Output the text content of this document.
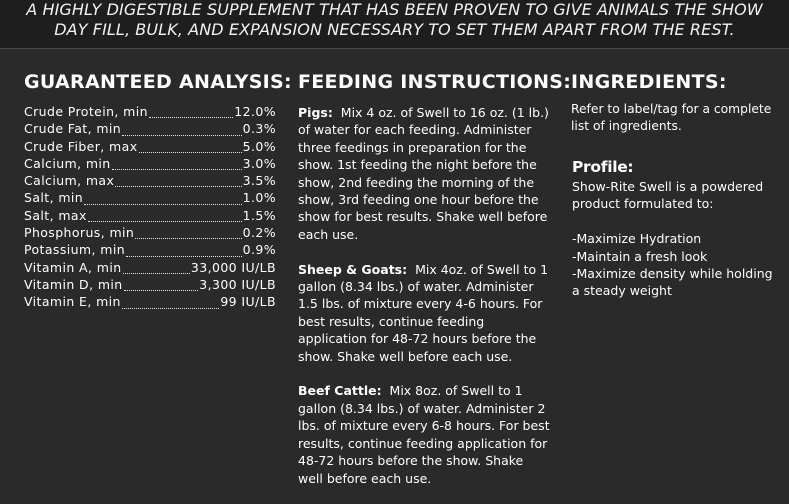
A HIGHLY DIGESTIBLE SUPPLEMENT THAT HAS BEEN PROVEN TO GIVE ANIMALS THE SHOW
DAY FILL, BULK, AND EXPANSION NECESSARY TO SET THEM APART FROM THE REST.
GUARANTEED ANALYSIS:
Crude Protein, min	12.0%
Crude Fat, min	0.3%
Crude Fiber, max	5.0%
Calcium, min	3.0%
Calcium, max	3.5%
Salt, min	1.0%
Salt, max	1.5%
Phosphorus, min	0.2%
Potassium, min	0.9%
Vitamin A, min	33,000 IU/LB
Vitamin D, min	3,300 IU/LB
Vitamin E, min	99 IU/LB
FEEDING INSTRUCTIONS:

Pigs: Mix 4 oz. of Swell to 16 oz. (1 lb.) of water for each feeding. Administer three feedings in preparation for the show. 1st feeding the night before the show, 2nd feeding the morning of the show, 3rd feeding one hour before the show for best results. Shake well before each use.

Sheep & Goats: Mix 4oz. of Swell to 1 gallon (8.34 lbs.) of water. Administer 1.5 lbs. of mixture every 4-6 hours. For best results, continue feeding application for 48-72 hours before the show. Shake well before each use.

Beef Cattle: Mix 8oz. of Swell to 1 gallon (8.34 lbs.) of water. Administer 2 lbs. of mixture every 6-8 hours. For best results, continue feeding application for 48-72 hours before the show. Shake well before each use.

INGREDIENTS:
Refer to label/tag for a complete list of ingredients.
Profile:
Show-Rite Swell is a powdered product formulated to:
-Maximize Hydration
-Maintain a fresh look
-Maximize density while holding a steady weight
